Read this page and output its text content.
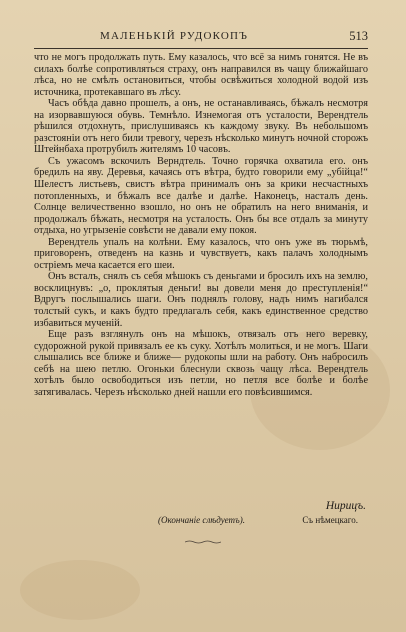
МАЛЕНЬКІЙ РУДОКОПЪ	513

что не могъ продолжать путь. Ему казалось, что всё за нимъ гонятся. Не въ силахъ болѣе сопротивляться страху, онъ направился въ чащу ближайшаго лѣса, но не смѣлъ остановиться, чтобы освѣжиться холодной водой изъ источника, протекавшаго въ лѣсу.

Часъ обѣда давно прошелъ, а онъ, не останавливаясь, бѣжалъ несмотря на изорвавшуюся обувь. Темнѣло. Изнемогая отъ усталости, Верендтель рѣшился отдохнуть, прислушиваясь къ каждому звуку. Въ небольшомъ разстояніи отъ него били тревогу, черезъ нѣсколько минутъ ночной сторожъ Штейнбаха протрубилъ жителямъ 10 часовъ.

Съ ужасомъ вскочилъ Верндтель. Точно горячка охватила его. онъ бредилъ на яву. Деревья, качаясь отъ вѣтра, будто говорили ему „убійца!“ Шелестъ листьевъ, свистъ вѣтра принималъ онъ за крики несчастныхъ потопленныхъ, и бѣжалъ все далѣе и далѣе. Наконецъ, насталъ день. Солнце величественно взошло, но онъ не обратилъ на него вниманія, и продолжалъ бѣжать, несмотря на усталость. Онъ бы все отдалъ за минуту отдыха, но угрызеніе совѣсти не давали ему покоя.

Верендтель упалъ на колѣни. Ему казалось, что онъ уже въ тюрьмѣ, приговоренъ, отведенъ на казнь и чувствуетъ, какъ палачъ холоднымъ остріемъ меча касается его шеи.

Онъ всталъ, снялъ съ себя мѣшокъ съ деньгами и бросилъ ихъ на землю, восклицнувъ: „о, проклятыя деньги! вы довели меня до преступленія!“ Вдругъ послышались шаги. Онъ поднялъ голову, надъ нимъ нагибался толстый сукъ, и какъ будто предлагалъ себя, какъ единственное средство избавиться мученій.

Еще разъ взглянулъ онъ на мѣшокъ, отвязалъ отъ него веревку, судорожной рукой привязалъ ее къ суку. Хотѣлъ молиться, и не могъ. Шаги слышались все ближе и ближе— рудокопы шли на работу. Онъ набросилъ себѣ на шею петлю. Огоньки блеснули сквозь чащу лѣса. Верендтель хотѣлъ было освободиться изъ петли, но петля все болѣе и болѣе затягивалась. Черезъ нѣсколько дней нашли его повѣсившимся.

Нирицъ.
(Окончаніе слѣдуетъ).	Съ нѣмецкаго.
